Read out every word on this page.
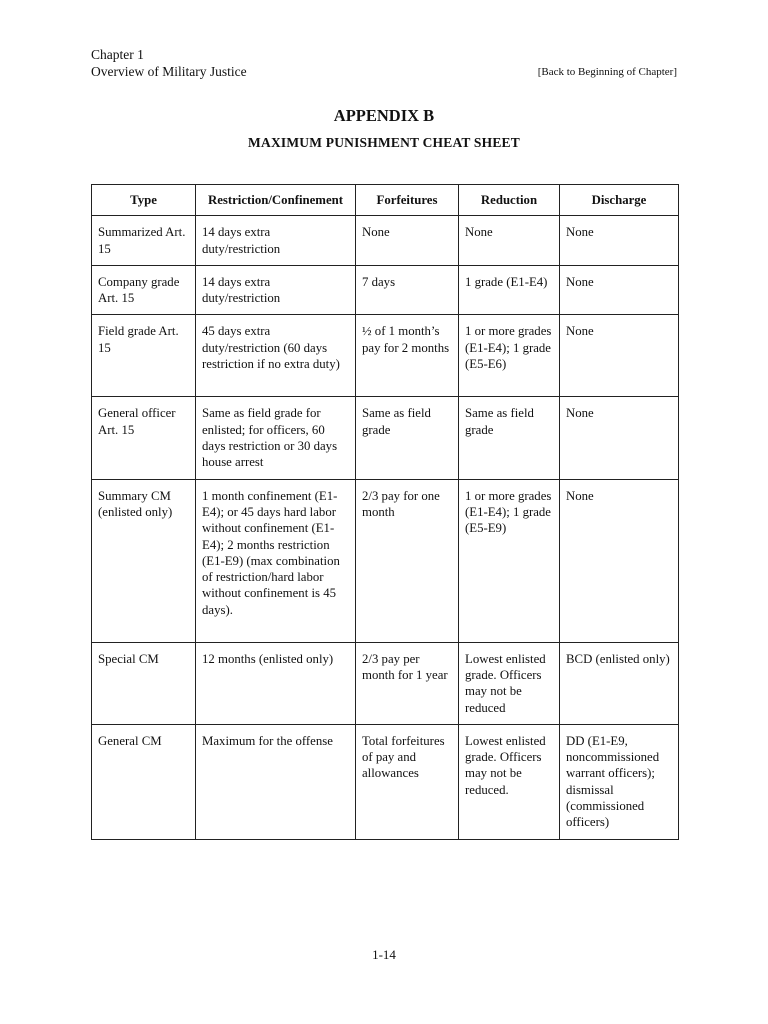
Chapter 1
Overview of Military Justice	[Back to Beginning of Chapter]
APPENDIX B
MAXIMUM PUNISHMENT CHEAT SHEET
Type	Restriction/Confinement	Forfeitures	Reduction	Discharge
Summarized Art. 15	14 days extra duty/restriction	None	None	None
Company grade Art. 15	14 days extra duty/restriction	7 days	1 grade (E1-E4)	None
Field grade Art. 15	45 days extra duty/restriction (60 days restriction if no extra duty)	½ of 1 month’s pay for 2 months	1 or more grades (E1-E4); 1 grade (E5-E6)	None
General officer Art. 15	Same as field grade for enlisted; for officers, 60 days restriction or 30 days house arrest	Same as field grade	Same as field grade	None
Summary CM (enlisted only)	1 month confinement (E1-E4); or 45 days hard labor without confinement (E1-E4); 2 months restriction (E1-E9) (max combination of restriction/hard labor without confinement is 45 days).	2/3 pay for one month	1 or more grades (E1-E4); 1 grade (E5-E9)	None
Special CM	12 months (enlisted only)	2/3 pay per month for 1 year	Lowest enlisted grade. Officers may not be reduced	BCD (enlisted only)
General CM	Maximum for the offense	Total forfeitures of pay and allowances	Lowest enlisted grade. Officers may not be reduced.	DD (E1-E9, noncommissioned warrant officers); dismissal (commissioned officers)
1-14
